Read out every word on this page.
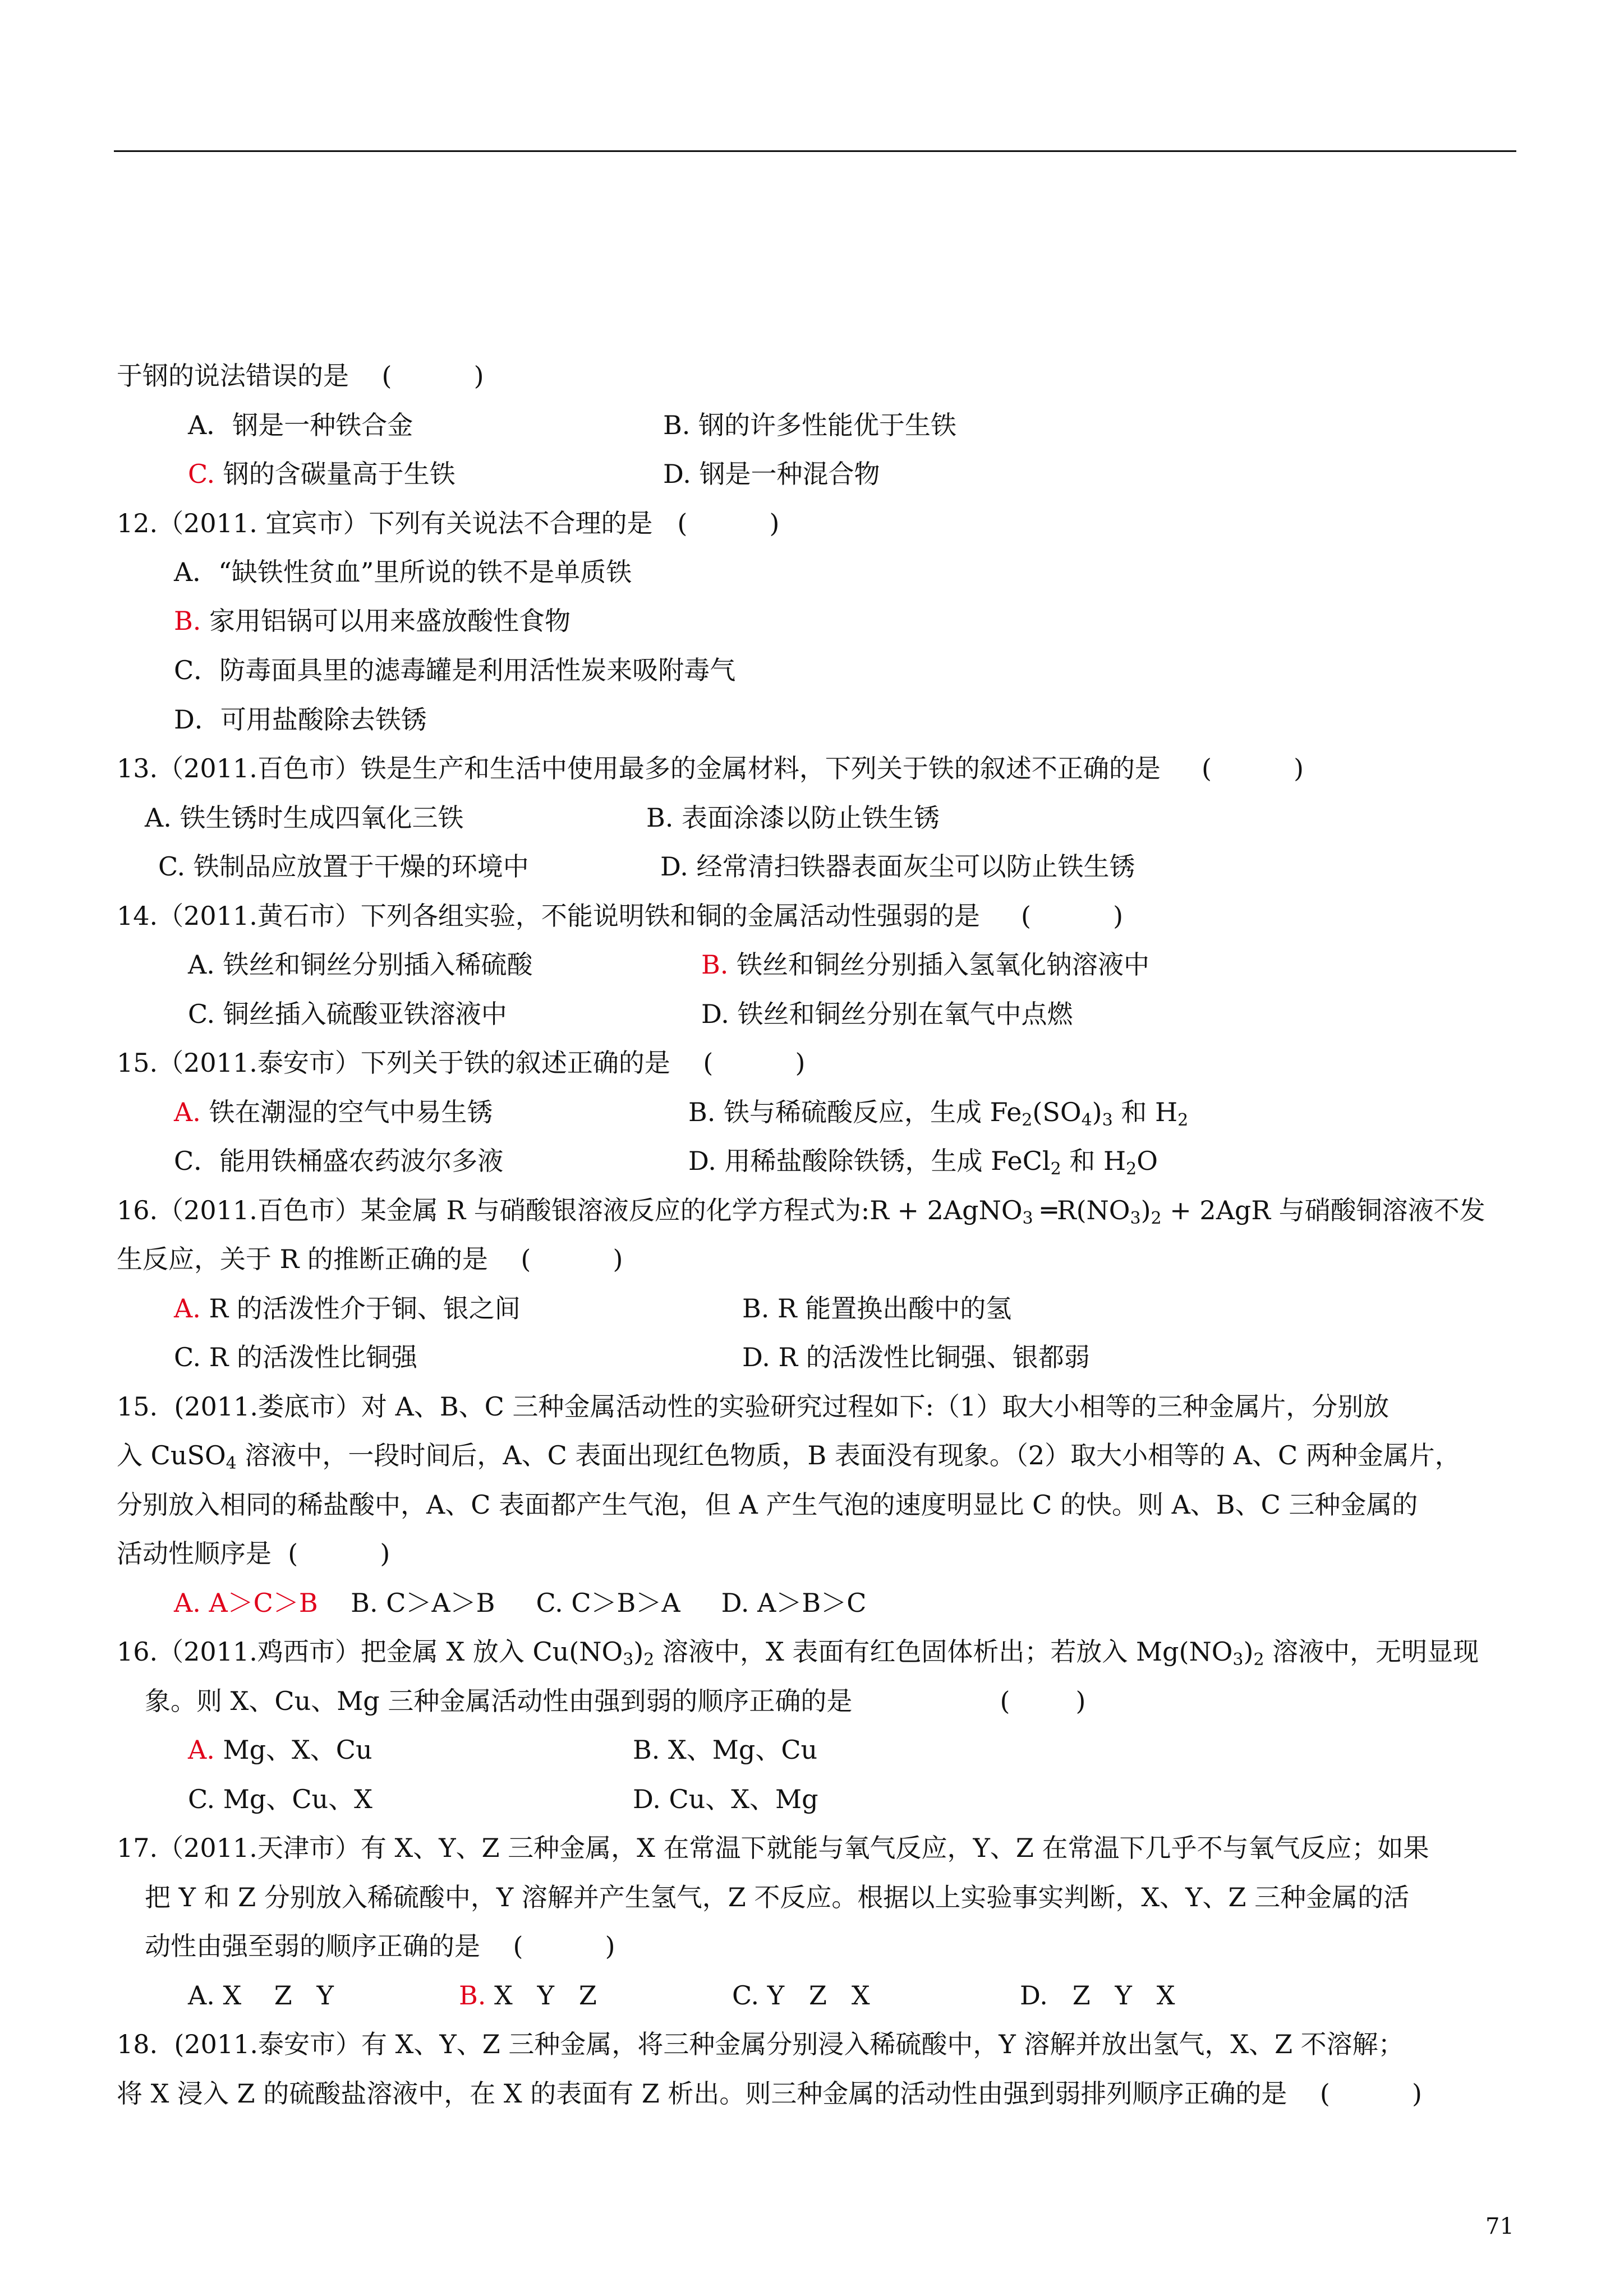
于钢的说法错误的是    (          )
A．钢是一种铁合金	B. 钢的许多性能优于生铁
C. 钢的含碳量高于生铁	D. 钢是一种混合物
12.（2011. 宜宾市）下列有关说法不合理的是   (          )
A．“缺铁性贫血”里所说的铁不是单质铁
B. 家用铝锅可以用来盛放酸性食物
C．防毒面具里的滤毒罐是利用活性炭来吸附毒气
D．可用盐酸除去铁锈
13.（2011.百色市）铁是生产和生活中使用最多的金属材料，下列关于铁的叙述不正确的是     (          )
A. 铁生锈时生成四氧化三铁	B. 表面涂漆以防止铁生锈
C. 铁制品应放置于干燥的环境中	D. 经常清扫铁器表面灰尘可以防止铁生锈
14.（2011.黄石市）下列各组实验，不能说明铁和铜的金属活动性强弱的是     (          )
A. 铁丝和铜丝分别插入稀硫酸	B. 铁丝和铜丝分别插入氢氧化钠溶液中
C. 铜丝插入硫酸亚铁溶液中	D. 铁丝和铜丝分别在氧气中点燃
15.（2011.泰安市）下列关于铁的叙述正确的是    (          )
A. 铁在潮湿的空气中易生锈	B. 铁与稀硫酸反应，生成 $Fe_2(SO_4)_3$ 和 $H_2$
C．能用铁桶盛农药波尔多液	D. 用稀盐酸除铁锈，生成 FeCl$_2$ 和 $H_2O$
16.（2011.百色市）某金属 R 与硝酸银溶液反应的化学方程式为:R + 2AgNO$_3$ $═R(NO_3)_2 + 2AgR$ 与硝酸铜溶液不发
生反应，关于 R 的推断正确的是    (          )
A. R 的活泼性介于铜、银之间	B. R 能置换出酸中的氢
C. R 的活泼性比铜强	D. R 的活泼性比铜强、银都弱
15.  (2011.娄底市）对 A、B、C 三种金属活动性的实验研究过程如下:（1）取大小相等的三种金属片，分别放
入 CuSO$_4$ 溶液中，一段时间后，A、C 表面出现红色物质，B 表面没有现象。（2）取大小相等的 A、C 两种金属片，
分别放入相同的稀盐酸中，A、C 表面都产生气泡，但 A 产生气泡的速度明显比 C 的快。则 A、B、C 三种金属的
活动性顺序是  (          )
A. A＞C＞B    B. C＞A＞B     C. C＞B＞A     D. A＞B＞C
16.（2011.鸡西市）把金属 X 放入 $Cu(NO_3)_2$ 溶液中，X 表面有红色固体析出；若放入 $Mg(NO_3)_2$ 溶液中，无明显现
象。则 X、Cu、Mg 三种金属活动性由强到弱的顺序正确的是                  (        )
A. Mg、X、Cu	B. X、Mg、Cu
C. Mg、Cu、X	D. Cu、X、Mg
17.（2011.天津市）有 X、Y、Z 三种金属，X 在常温下就能与氧气反应，Y、Z 在常温下几乎不与氧气反应；如果
把 Y 和 Z 分别放入稀硫酸中，Y 溶解并产生氢气，Z 不反应。根据以上实验事实判断，X、Y、Z 三种金属的活
动性由强至弱的顺序正确的是    (          )
A. X    Z   Y	B. X   Y   Z	C. Y   Z   X	D.   Z   Y   X
18.  (2011.泰安市）有 X、Y、Z 三种金属，将三种金属分别浸入稀硫酸中，Y 溶解并放出氢气，X、Z 不溶解；
将 X 浸入 Z 的硫酸盐溶液中，在 X 的表面有 Z 析出。则三种金属的活动性由强到弱排列顺序正确的是    (          )
71
